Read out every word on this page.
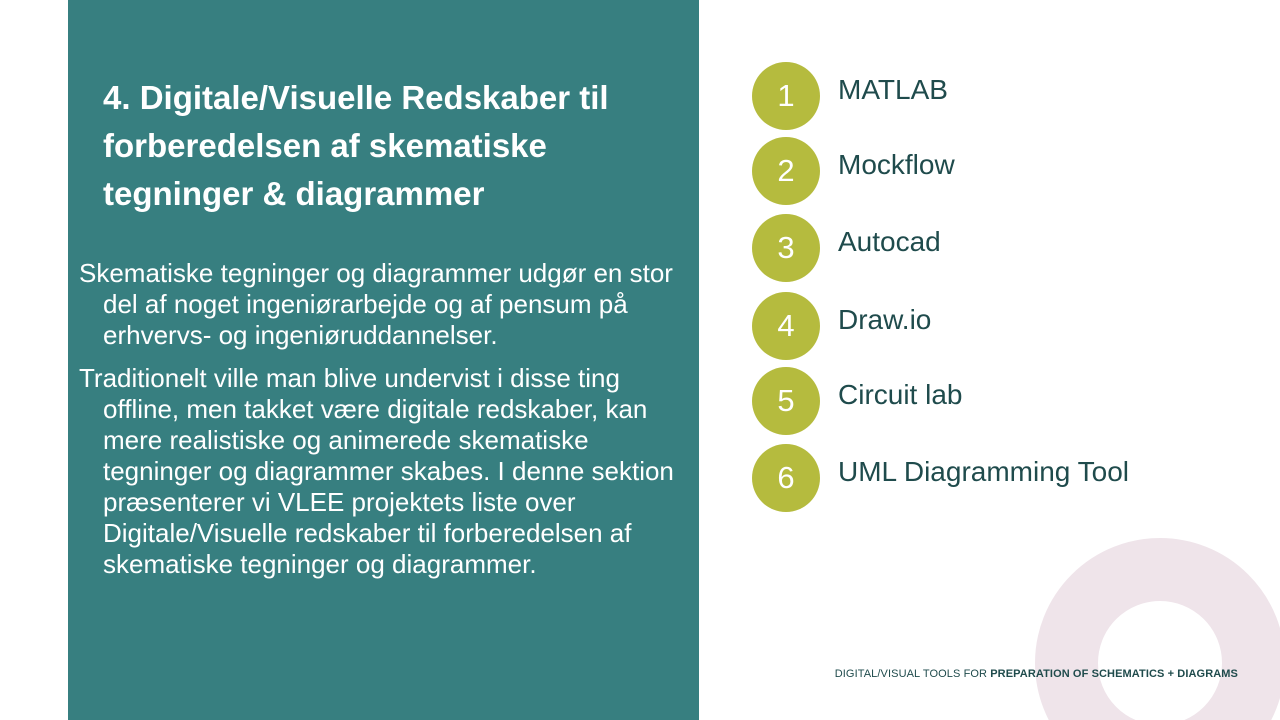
4. Digitale/Visuelle Redskaber til forberedelsen af skematiske tegninger & diagrammer

Skematiske tegninger og diagrammer udgør en stor del af noget ingeniørarbejde og af pensum på erhvervs- og ingeniøruddannelser.

Traditionelt ville man blive undervist i disse ting offline, men takket være digitale redskaber, kan mere realistiske og animerede skematiske tegninger og diagrammer skabes. I denne sektion præsenterer vi VLEE projektets liste over Digitale/Visuelle redskaber til forberedelsen af skematiske tegninger og diagrammer.

1	MATLAB
2	Mockflow
3	Autocad
4	Draw.io
5	Circuit lab
6	UML Diagramming Tool
DIGITAL/VISUAL TOOLS FOR PREPARATION OF SCHEMATICS + DIAGRAMS
